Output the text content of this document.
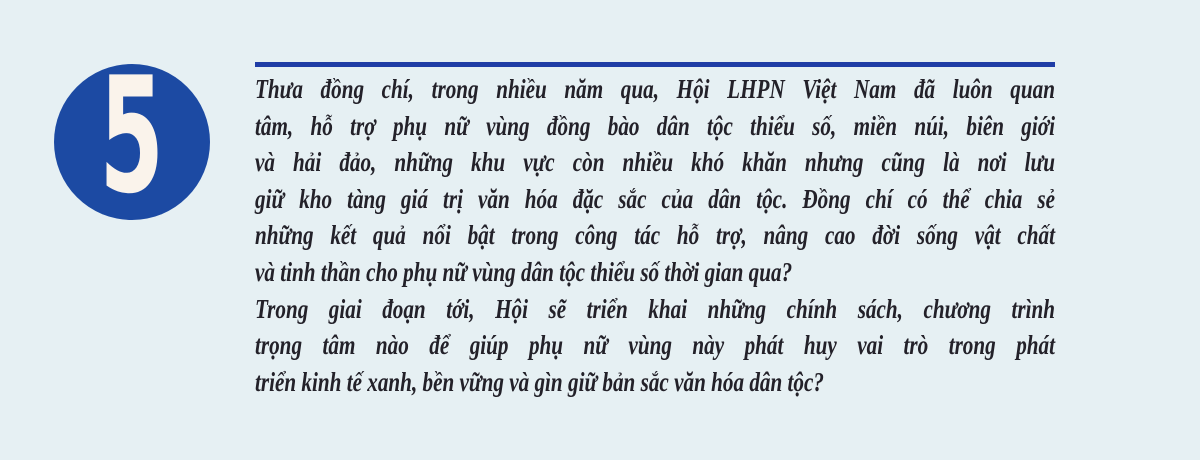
5	Thưa đồng chí, trong nhiều năm qua, Hội LHPN Việt Nam đã luôn quan
tâm, hỗ trợ phụ nữ vùng đồng bào dân tộc thiểu số, miền núi, biên giới
và hải đảo, những khu vực còn nhiều khó khăn nhưng cũng là nơi lưu
giữ kho tàng giá trị văn hóa đặc sắc của dân tộc. Đồng chí có thể chia sẻ
những kết quả nổi bật trong công tác hỗ trợ, nâng cao đời sống vật chất
và tinh thần cho phụ nữ vùng dân tộc thiểu số thời gian qua?
Trong giai đoạn tới, Hội sẽ triển khai những chính sách, chương trình
trọng tâm nào để giúp phụ nữ vùng này phát huy vai trò trong phát
triển kinh tế xanh, bền vững và gìn giữ bản sắc văn hóa dân tộc?
